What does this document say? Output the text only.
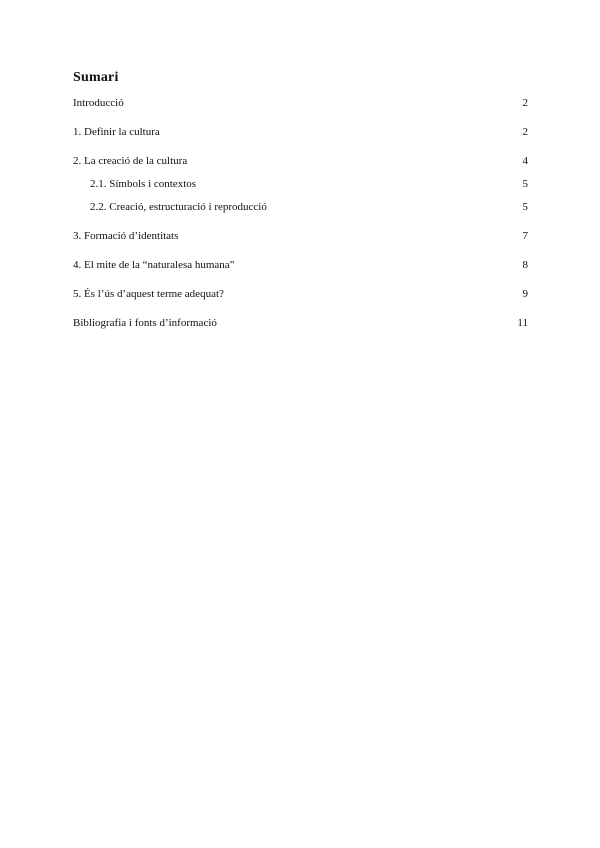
Sumari
Introducció	2
1. Definir la cultura	2
2. La creació de la cultura	4
2.1. Símbols i contextos	5
2.2. Creació, estructuració i reproducció	5
3. Formació d’identitats	7
4. El mite de la “naturalesa humana”	8
5. És l’ús d’aquest terme adequat?	9
Bibliografia i fonts d’informació	11
